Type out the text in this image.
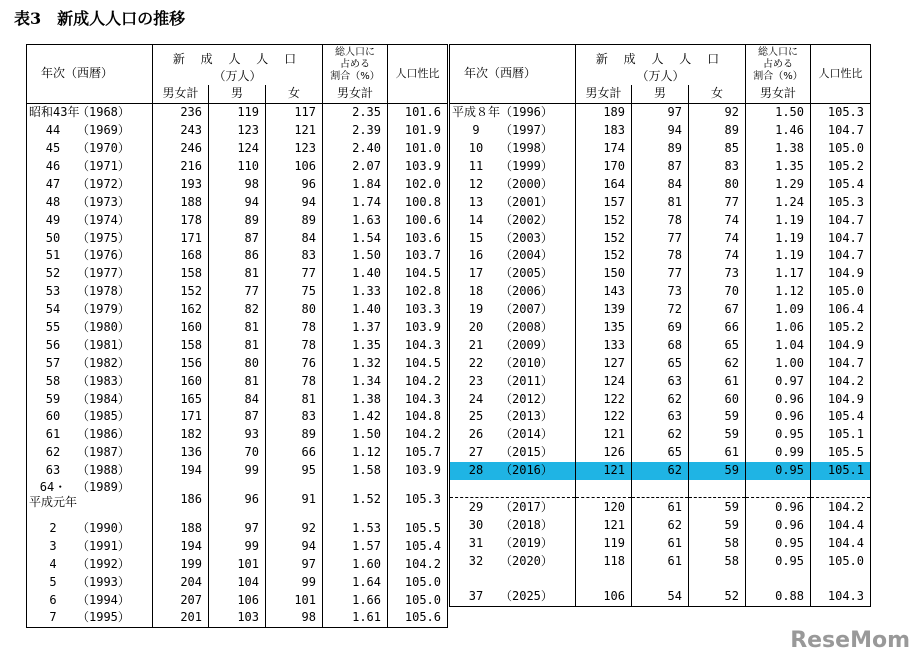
表3 新成人人口の推移
年次（西暦）	新 成 人 人 口
（万人）			総人口に
占める
割合（%）	人口性比

	男女計	男	女	男女計	
昭和43年（1968）	236	119	117	2.35	101.6
44 （1969）	243	123	121	2.39	101.9
45 （1970）	246	124	123	2.40	101.0
46 （1971）	216	110	106	2.07	103.9
47 （1972）	193	98	96	1.84	102.0
48 （1973）	188	94	94	1.74	100.8
49 （1974）	178	89	89	1.63	100.6
50 （1975）	171	87	84	1.54	103.6
51 （1976）	168	86	83	1.50	103.7
52 （1977）	158	81	77	1.40	104.5
53 （1978）	152	77	75	1.33	102.8
54 （1979）	162	82	80	1.40	103.3
55 （1980）	160	81	78	1.37	103.9
56 （1981）	158	81	78	1.35	104.3
57 （1982）	156	80	76	1.32	104.5
58 （1983）	160	81	78	1.34	104.2
59 （1984）	165	84	81	1.38	104.3
60 （1985）	171	87	83	1.42	104.8
61 （1986）	182	93	89	1.50	104.2
62 （1987）	136	70	66	1.12	105.7
63 （1988）	194	99	95	1.58	103.9
64・ （1989）
平成元年	186	96	91	1.52	105.3
2 （1990）	188	97	92	1.53	105.5
3 （1991）	194	99	94	1.57	105.4
4 （1992）	199	101	97	1.60	104.2
5 （1993）	204	104	99	1.64	105.0
6 （1994）	207	106	101	1.66	105.0
7 （1995）	201	103	98	1.61	105.6
年次（西暦）	新 成 人 人 口
（万人）			総人口に
占める
割合（%）	人口性比

	男女計	男	女	男女計	
平成８年（1996）	189	97	92	1.50	105.3
9 （1997）	183	94	89	1.46	104.7
10 （1998）	174	89	85	1.38	105.0
11 （1999）	170	87	83	1.35	105.2
12 （2000）	164	84	80	1.29	105.4
13 （2001）	157	81	77	1.24	105.3
14 （2002）	152	78	74	1.19	104.7
15 （2003）	152	77	74	1.19	104.7
16 （2004）	152	78	74	1.19	104.7
17 （2005）	150	77	73	1.17	104.9
18 （2006）	143	73	70	1.12	105.0
19 （2007）	139	72	67	1.09	106.4
20 （2008）	135	69	66	1.06	105.2
21 （2009）	133	68	65	1.04	104.9
22 （2010）	127	65	62	1.00	104.7
23 （2011）	124	63	61	0.97	104.2
24 （2012）	122	62	60	0.96	104.9
25 （2013）	122	63	59	0.96	105.4
26 （2014）	121	62	59	0.95	105.1
27 （2015）	126	65	61	0.99	105.5
28 （2016）	121	62	59	0.95	105.1

29 （2017）	120	61	59	0.96	104.2
30 （2018）	121	62	59	0.96	104.4
31 （2019）	119	61	58	0.95	104.4
32 （2020）	118	61	58	0.95	105.0

37 （2025）	106	54	52	0.88	104.3
ReseMom
